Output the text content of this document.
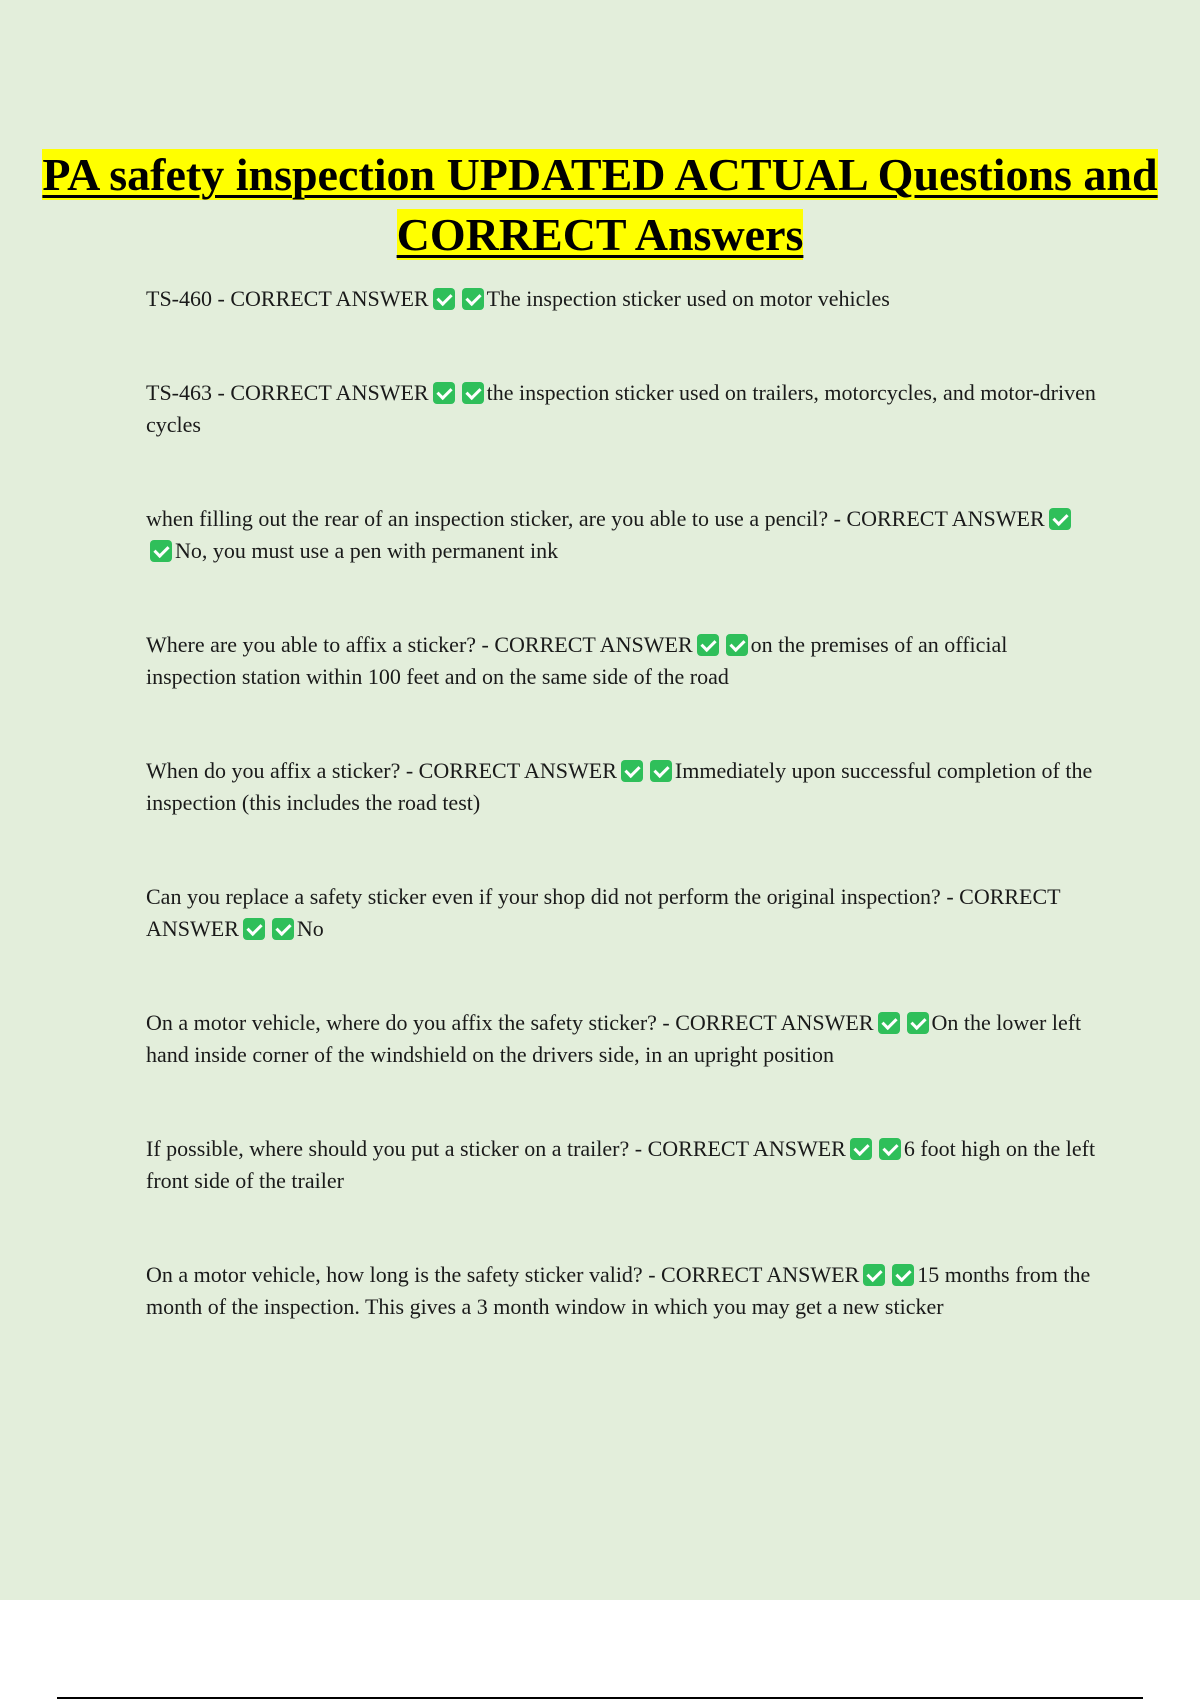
PA safety inspection UPDATED ACTUAL Questions and CORRECT Answers
TS-460 - CORRECT ANSWER	The inspection sticker used on motor vehicles
TS-463 - CORRECT ANSWER	the inspection sticker used on trailers, motorcycles, and motor-driven cycles
when filling out the rear of an inspection sticker, are you able to use a pencil? - CORRECT ANSWERNo, you must use a pen with permanent ink
Where are you able to affix a sticker? - CORRECT ANSWER	on the premises of an official inspection station within 100 feet and on the same side of the road
When do you affix a sticker? - CORRECT ANSWER	Immediately upon successful completion of the inspection (this includes the road test)
Can you replace a safety sticker even if your shop did not perform the original inspection? - CORRECT ANSWER	No
On a motor vehicle, where do you affix the safety sticker? - CORRECT ANSWER	On the lower left hand inside corner of the windshield on the drivers side, in an upright position
If possible, where should you put a sticker on a trailer? - CORRECT ANSWER	6 foot high on the left front side of the trailer
On a motor vehicle, how long is the safety sticker valid? - CORRECT ANSWER	15 months from the month of the inspection. This gives a 3 month window in which you may get a new sticker
